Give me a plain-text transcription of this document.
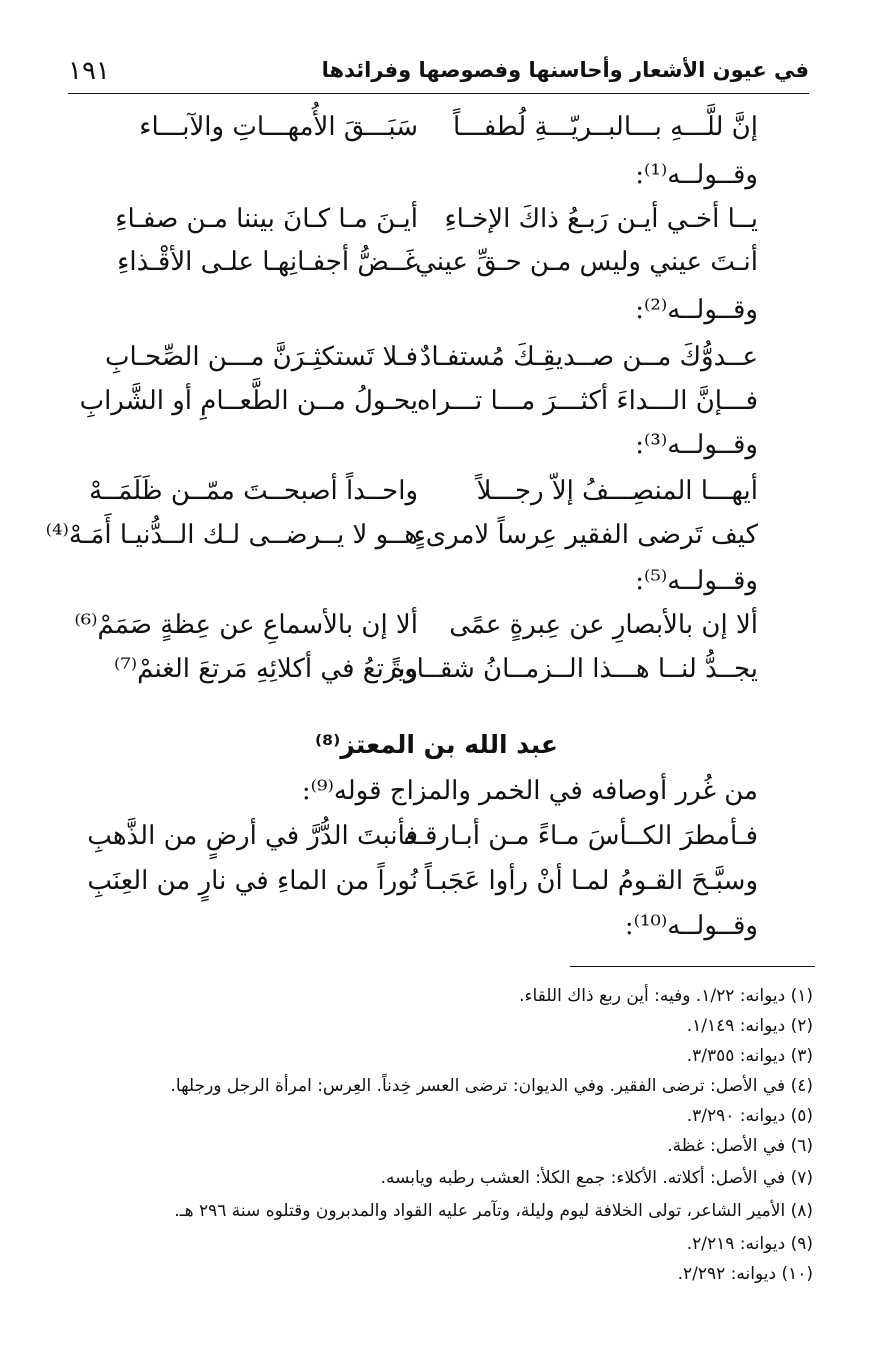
في عيون الأشعار وأحاسنها وفصوصها وفرائدها
١٩١
إنَّ للَّـــهِ بـــالبــريّـــةِ لُطفـــاً
سَبَـــقَ الأُمهـــاتِ والآبـــاء
وقــولــه⁽¹⁾:
يــا أخـي أيـن رَبـعُ ذاكَ الإخـاءِ
أيـنَ مـا كـانَ بيننا مـن صفـاءِ
أنـتَ عيني وليس مـن حـقِّ عيني
غَــضُّ أجفـانِهـا علـى الأقْـذاءِ
وقــولــه⁽²⁾:
عــدوُّكَ مــن صــديقِـكَ مُستفـادٌ
فـلا تَستكثِـرَنَّ مـــن الصِّحـابِ
فـــإنَّ الـــداءَ أكثـــرَ مـــا تـــراه
يحـولُ مــن الطَّعــامِ أو الشَّرابِ
وقــولــه⁽³⁾:
أيهـــا المنصِـــفُ إلاّ رجـــلاً
واحــداً أصبحــتَ ممّــن ظَلَمَــهْ
كيف تَرضى الفقير عِرساً لامرىءٍ
هــو لا يــرضــى لـك الــدُّنيـا أَمَـهْ⁽⁴⁾
وقــولــه⁽⁵⁾:
ألا إن بالأبصارِ عن عِبرةٍ عمًى
ألا إن بالأسماعِ عن عِظةٍ صَمَمْ⁽⁶⁾
يجــدُّ لنــا هـــذا الــزمــانُ شقــاوةً
ويرتعُ في أكلائِهِ مَرتعَ الغنمْ⁽⁷⁾
عبد الله بن المعتز⁽⁸⁾
من غُرر أوصافه في الخمر والمزاج قوله⁽⁹⁾:
فـأمطرَ الكــأسَ مـاءً مـن أبـارقـه
فأنبتَ الدُّرَّ في أرضٍ من الذَّهبِ
وسبَّـحَ القـومُ لمـا أنْ رأوا عَجَبـاً
نُوراً من الماءِ في نارٍ من العِنَبِ
وقــولــه⁽¹⁰⁾:
(١) ديوانه: ١/٢٢. وفيه: أين ربع ذاك اللقاء.
(٢) ديوانه: ١/١٤٩.
(٣) ديوانه: ٣/٣٥٥.
(٤) في الأصل: ترضى الفقير. وفي الديوان: ترضى العسر خِدناً. العِرس: امرأة الرجل ورجلها.
(٥) ديوانه: ٣/٢٩٠.
(٦) في الأصل: غظة.
(٧) في الأصل: أكلاته. الأكلاء: جمع الكلأ: العشب رطبه ويابسه.
(٨) الأمير الشاعر، تولى الخلافة ليوم وليلة، وتآمر عليه القواد والمدبرون وقتلوه سنة ٢٩٦ هـ.
(٩) ديوانه: ٢/٢١٩.
(١٠) ديوانه: ٢/٢٩٢.
